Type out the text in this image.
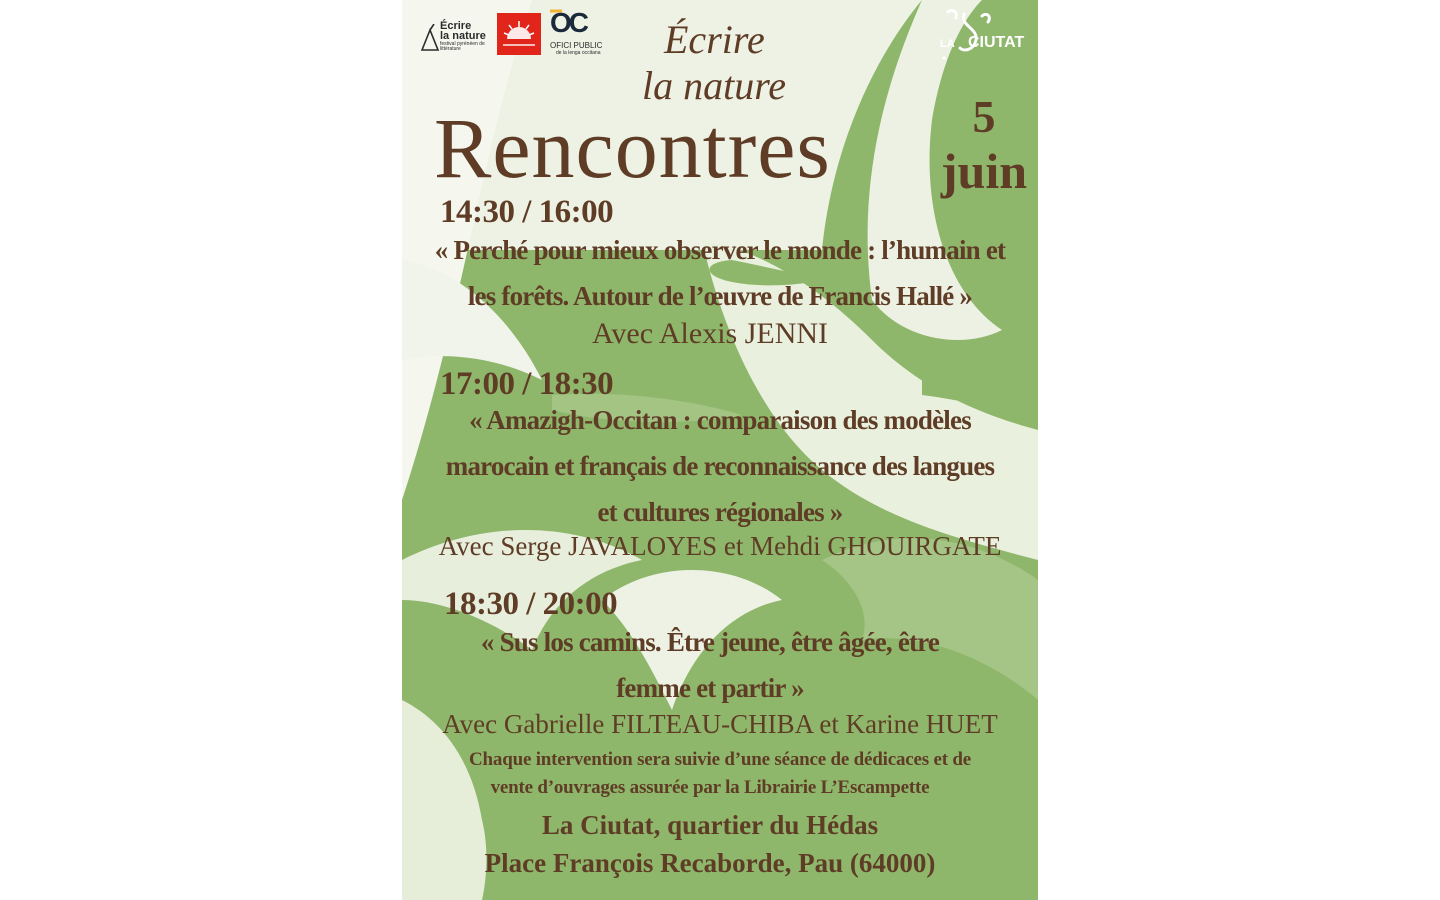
Écrire
la nature
festival pyrénéen de littérature
OC
OFICI PUBLIC
de la lenga occitana
LA CIUTAT

Écrire

la nature

Rencontres	5

juin

14:30 / 16:00

« Perché pour mieux observer le monde : l’humain et

les forêts. Autour de l’œuvre de Francis Hallé »

Avec Alexis JENNI

17:00 / 18:30

« Amazigh-Occitan : comparaison des modèles

marocain et français de reconnaissance des langues

et cultures régionales »

Avec Serge JAVALOYES et Mehdi GHOUIRGATE

18:30 / 20:00

« Sus los camins. Être jeune, être âgée, être

femme et partir »

Avec Gabrielle FILTEAU-CHIBA et Karine HUET

Chaque intervention sera suivie d’une séance de dédicaces et de

vente d’ouvrages assurée par la Librairie L’Escampette

La Ciutat, quartier du Hédas

Place François Recaborde, Pau (64000)
